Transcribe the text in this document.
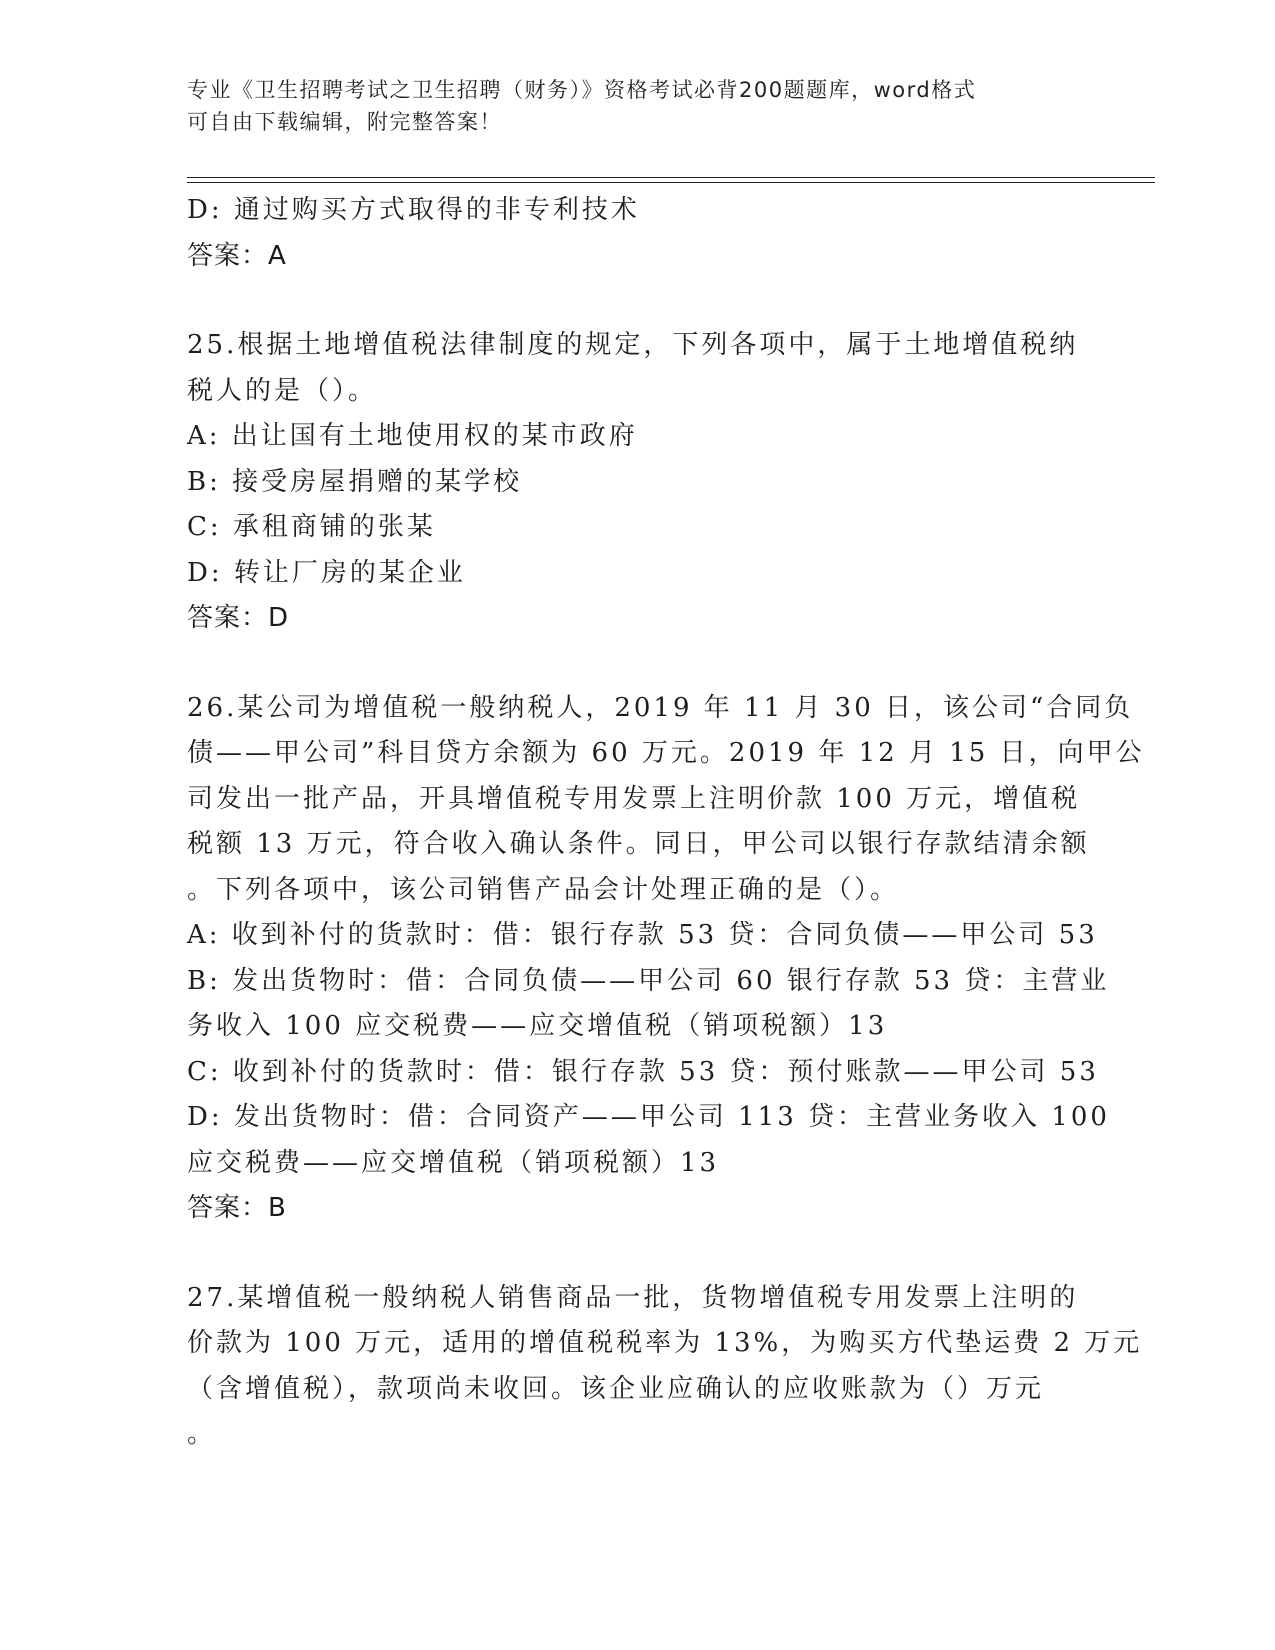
专业《卫生招聘考试之卫生招聘（财务）》资格考试必背200题题库，word格式

可自由下载编辑，附完整答案！

D: 通过购买方式取得的非专利技术
答案：A
25.根据土地增值税法律制度的规定，下列各项中，属于土地增值税纳
税人的是（）。
A: 出让国有土地使用权的某市政府
B: 接受房屋捐赠的某学校
C: 承租商铺的张某
D: 转让厂房的某企业
答案：D
26.某公司为增值税一般纳税人，2019 年 11 月 30 日，该公司“合同负
债——甲公司”科目贷方余额为 60 万元。2019 年 12 月 15 日，向甲公
司发出一批产品，开具增值税专用发票上注明价款 100 万元，增值税
税额 13 万元，符合收入确认条件。同日，甲公司以银行存款结清余额
。下列各项中，该公司销售产品会计处理正确的是（）。
A: 收到补付的货款时：借：银行存款 53 贷：合同负债——甲公司 53
B: 发出货物时：借：合同负债——甲公司 60 银行存款 53 贷：主营业
务收入 100 应交税费——应交增值税（销项税额）13
C: 收到补付的货款时：借：银行存款 53 贷：预付账款——甲公司 53
D: 发出货物时：借：合同资产——甲公司 113 贷：主营业务收入 100
应交税费——应交增值税（销项税额）13
答案：B
27.某增值税一般纳税人销售商品一批，货物增值税专用发票上注明的
价款为 100 万元，适用的增值税税率为 13%，为购买方代垫运费 2 万元
（含增值税），款项尚未收回。该企业应确认的应收账款为（）万元
。
